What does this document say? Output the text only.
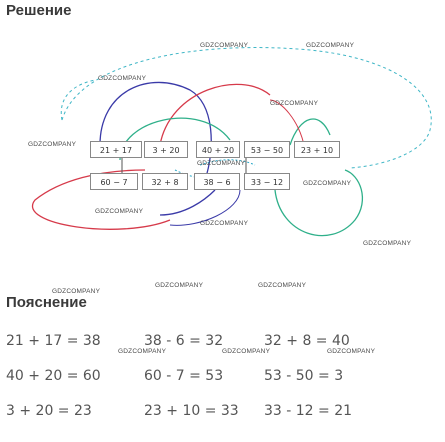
Решение
21 + 17	3 + 20	40 + 20	53 − 50	23 + 10
60 − 7	32 + 8	38 − 6	33 − 12
GDZCOMPANY	GDZCOMPANY
GDZCOMPANY
GDZCOMPANY
GDZCOMPANY
GDZCOMPANY
GDZCOMPANY
GDZCOMPANY
GDZCOMPANY
GDZCOMPANY
GDZCOMPANY	GDZCOMPANY
GDZCOMPANY
GDZCOMPANY	GDZCOMPANY	GDZCOMPANY
Пояснение
21 + 17 = 38	38 - 6 = 32	32 + 8 = 40
40 + 20 = 60	60 - 7 = 53	53 - 50 = 3
3 + 20 = 23	23 + 10 = 33 33 - 12 = 21
